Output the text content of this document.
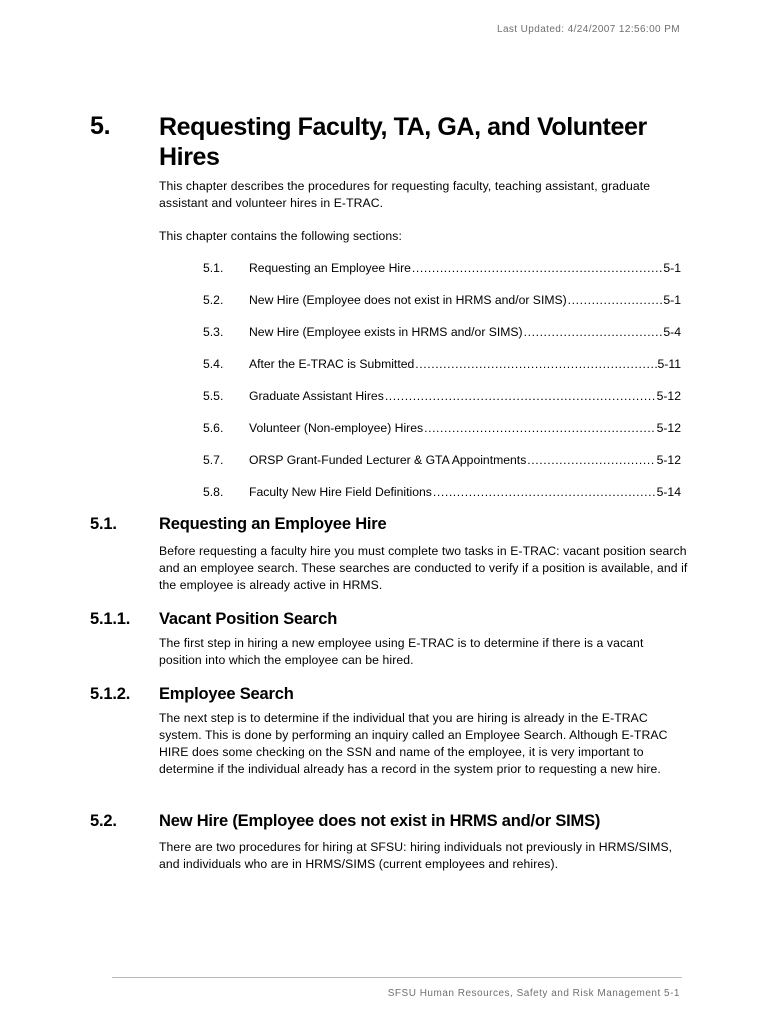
Last Updated: 4/24/2007 12:56:00 PM
5. Requesting Faculty, TA, GA, and Volunteer Hires
This chapter describes the procedures for requesting faculty, teaching assistant, graduate assistant and volunteer hires in E-TRAC.
This chapter contains the following sections:
5.1. Requesting an Employee Hire .....	5-1
5.2. New Hire (Employee does not exist in HRMS and/or SIMS) .....	5-1
5.3. New Hire (Employee exists in HRMS and/or SIMS) .....	5-4
5.4. After the E-TRAC is Submitted .....	5-11
5.5. Graduate Assistant Hires .....	5-12
5.6. Volunteer (Non-employee) Hires .....	5-12
5.7. ORSP Grant-Funded Lecturer & GTA Appointments .....	5-12
5.8. Faculty New Hire Field Definitions .....	5-14
5.1.	Requesting an Employee Hire
Before requesting a faculty hire you must complete two tasks in E-TRAC: vacant position search and an employee search. These searches are conducted to verify if a position is available, and if the employee is already active in HRMS.
5.1.1. Vacant Position Search
The first step in hiring a new employee using E-TRAC is to determine if there is a vacant position into which the employee can be hired.
5.1.2. Employee Search
The next step is to determine if the individual that you are hiring is already in the E-TRAC system. This is done by performing an inquiry called an Employee Search. Although E-TRAC HIRE does some checking on the SSN and name of the employee, it is very important to determine if the individual already has a record in the system prior to requesting a new hire.
5.2.	New Hire (Employee does not exist in HRMS and/or SIMS)
There are two procedures for hiring at SFSU: hiring individuals not previously in HRMS/SIMS, and individuals who are in HRMS/SIMS (current employees and rehires).
SFSU Human Resources, Safety and Risk Management 5-1
